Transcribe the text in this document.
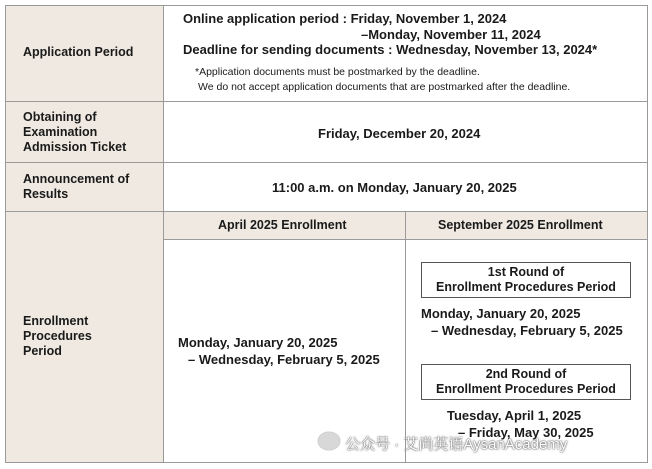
Application Period
Online application period : Friday, November 1, 2024
–Monday, November 11, 2024
Deadline for sending documents : Wednesday, November 13, 2024*
*Application documents must be postmarked by the deadline.
We do not accept application documents that are postmarked after the deadline.
Obtaining of
Examination
Admission Ticket
Friday, December 20, 2024
Announcement of
Results	11:00 a.m. on Monday, January 20, 2025
Enrollment
Procedures
Period
April 2025 Enrollment	September 2025 Enrollment
Monday, January 20, 2025
– Wednesday, February 5, 2025
1st Round of
Enrollment Procedures Period
Monday, January 20, 2025
– Wednesday, February 5, 2025
2nd Round of
Enrollment Procedures Period
Tuesday, April 1, 2025
– Friday, May 30, 2025
公众号 · 艾尚英语AysanAcademy
